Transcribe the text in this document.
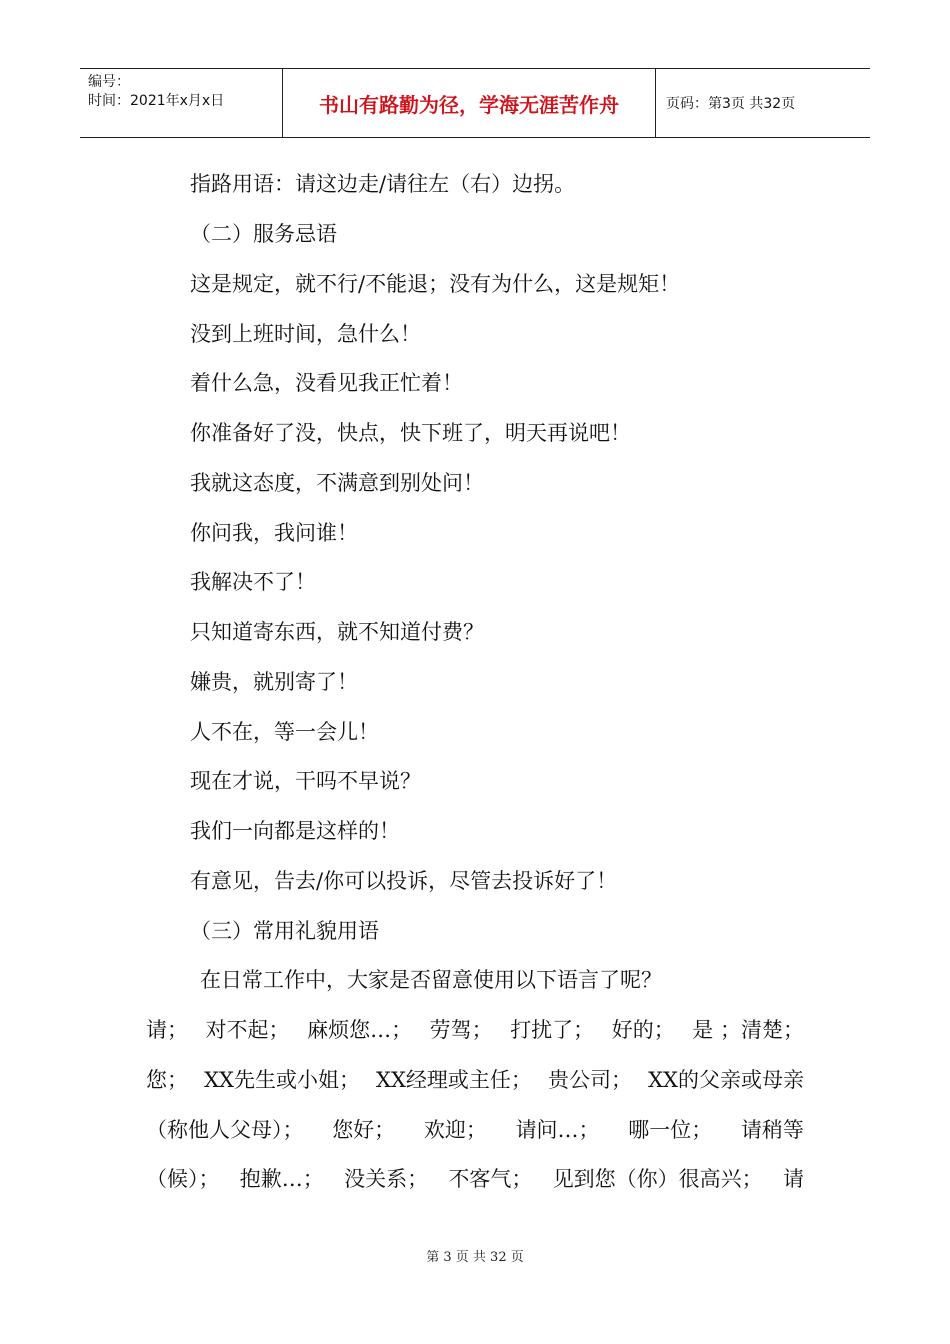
编号：
时间：2021年x月x日	书山有路勤为径，学海无涯苦作舟	页码：第3页 共32页
指路用语：请这边走/请往左（右）边拐。
（二）服务忌语
这是规定，就不行/不能退；没有为什么，这是规矩！
没到上班时间，急什么！
着什么急，没看见我正忙着！
你准备好了没，快点，快下班了，明天再说吧！
我就这态度，不满意到别处问！
你问我，我问谁！
我解决不了！
只知道寄东西，就不知道付费？
嫌贵，就别寄了！
人不在，等一会儿！
现在才说，干吗不早说？
我们一向都是这样的！
有意见，告去/你可以投诉，尽管去投诉好了！
（三）常用礼貌用语
在日常工作中，大家是否留意使用以下语言了呢？
请； 对不起； 麻烦您…； 劳驾； 打扰了； 好的； 是 ；清楚；
您； XX先生或小姐； XX经理或主任； 贵公司； XX的父亲或母亲
（称他人父母）； 您好； 欢迎； 请问…； 哪一位； 请稍等
（候）； 抱歉…； 没关系； 不客气； 见到您（你）很高兴； 请
第 3 页 共 32 页
